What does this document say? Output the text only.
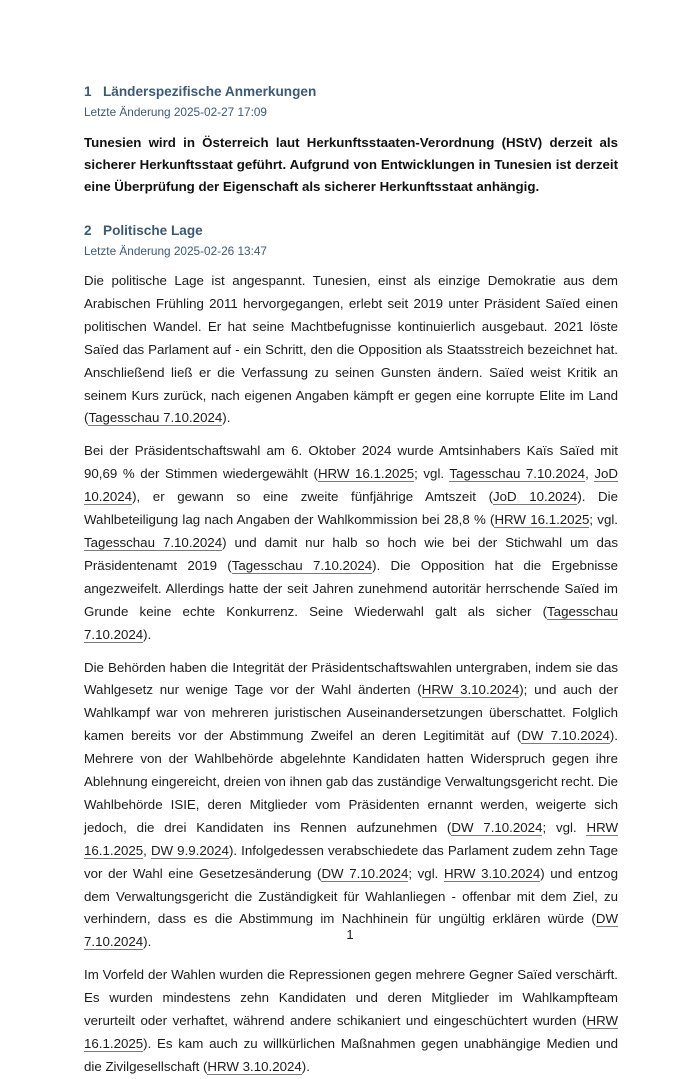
1 Länderspezifische Anmerkungen

Letzte Änderung 2025-02-27 17:09

Tunesien wird in Österreich laut Herkunftsstaaten-Verordnung (HStV) derzeit als sicherer Herkunftsstaat geführt. Aufgrund von Entwicklungen in Tunesien ist derzeit eine Überprüfung der Eigenschaft als sicherer Herkunftsstaat anhängig.

2 Politische Lage

Letzte Änderung 2025-02-26 13:47

Die politische Lage ist angespannt. Tunesien, einst als einzige Demokratie aus dem Arabischen Frühling 2011 hervorgegangen, erlebt seit 2019 unter Präsident Saïed einen politischen Wandel. Er hat seine Machtbefugnisse kontinuierlich ausgebaut. 2021 löste Saïed das Parlament auf - ein Schritt, den die Opposition als Staatsstreich bezeichnet hat. Anschließend ließ er die Verfassung zu seinen Gunsten ändern. Saïed weist Kritik an seinem Kurs zurück, nach eigenen Angaben kämpft er gegen eine korrupte Elite im Land (Tagesschau 7.10.2024).

Bei der Präsidentschaftswahl am 6. Oktober 2024 wurde Amtsinhabers Kaïs Saïed mit 90,69 % der Stimmen wiedergewählt (HRW 16.1.2025; vgl. Tagesschau 7.10.2024, JoD 10.2024), er gewann so eine zweite fünfjährige Amtszeit (JoD 10.2024). Die Wahlbeteiligung lag nach Angaben der Wahlkommission bei 28,8 % (HRW 16.1.2025; vgl. Tagesschau 7.10.2024) und damit nur halb so hoch wie bei der Stichwahl um das Präsidentenamt 2019 (Tagesschau 7.10.2024). Die Opposition hat die Ergebnisse angezweifelt. Allerdings hatte der seit Jahren zunehmend autoritär herrschende Saïed im Grunde keine echte Konkurrenz. Seine Wiederwahl galt als sicher (Tagesschau 7.10.2024).

Die Behörden haben die Integrität der Präsidentschaftswahlen untergraben, indem sie das Wahlgesetz nur wenige Tage vor der Wahl änderten (HRW 3.10.2024); und auch der Wahlkampf war von mehreren juristischen Auseinandersetzungen überschattet. Folglich kamen bereits vor der Abstimmung Zweifel an deren Legitimität auf (DW 7.10.2024). Mehrere von der Wahlbehörde abgelehnte Kandidaten hatten Widerspruch gegen ihre Ablehnung eingereicht, dreien von ihnen gab das zuständige Verwaltungsgericht recht. Die Wahlbehörde ISIE, deren Mitglieder vom Präsidenten ernannt werden, weigerte sich jedoch, die drei Kandidaten ins Rennen aufzunehmen (DW 7.10.2024; vgl. HRW 16.1.2025, DW 9.9.2024). Infolgedessen verabschiedete das Parlament zudem zehn Tage vor der Wahl eine Gesetzesänderung (DW 7.10.2024; vgl. HRW 3.10.2024) und entzog dem Verwaltungsgericht die Zuständigkeit für Wahlanliegen - offenbar mit dem Ziel, zu verhindern, dass es die Abstimmung im Nachhinein für ungültig erklären würde (DW 7.10.2024).

Im Vorfeld der Wahlen wurden die Repressionen gegen mehrere Gegner Saïed verschärft. Es wurden mindestens zehn Kandidaten und deren Mitglieder im Wahlkampfteam verurteilt oder verhaftet, während andere schikaniert und eingeschüchtert wurden (HRW 16.1.2025). Es kam auch zu willkürlichen Maßnahmen gegen unabhängige Medien und die Zivilgesellschaft (HRW 3.10.2024).

1
